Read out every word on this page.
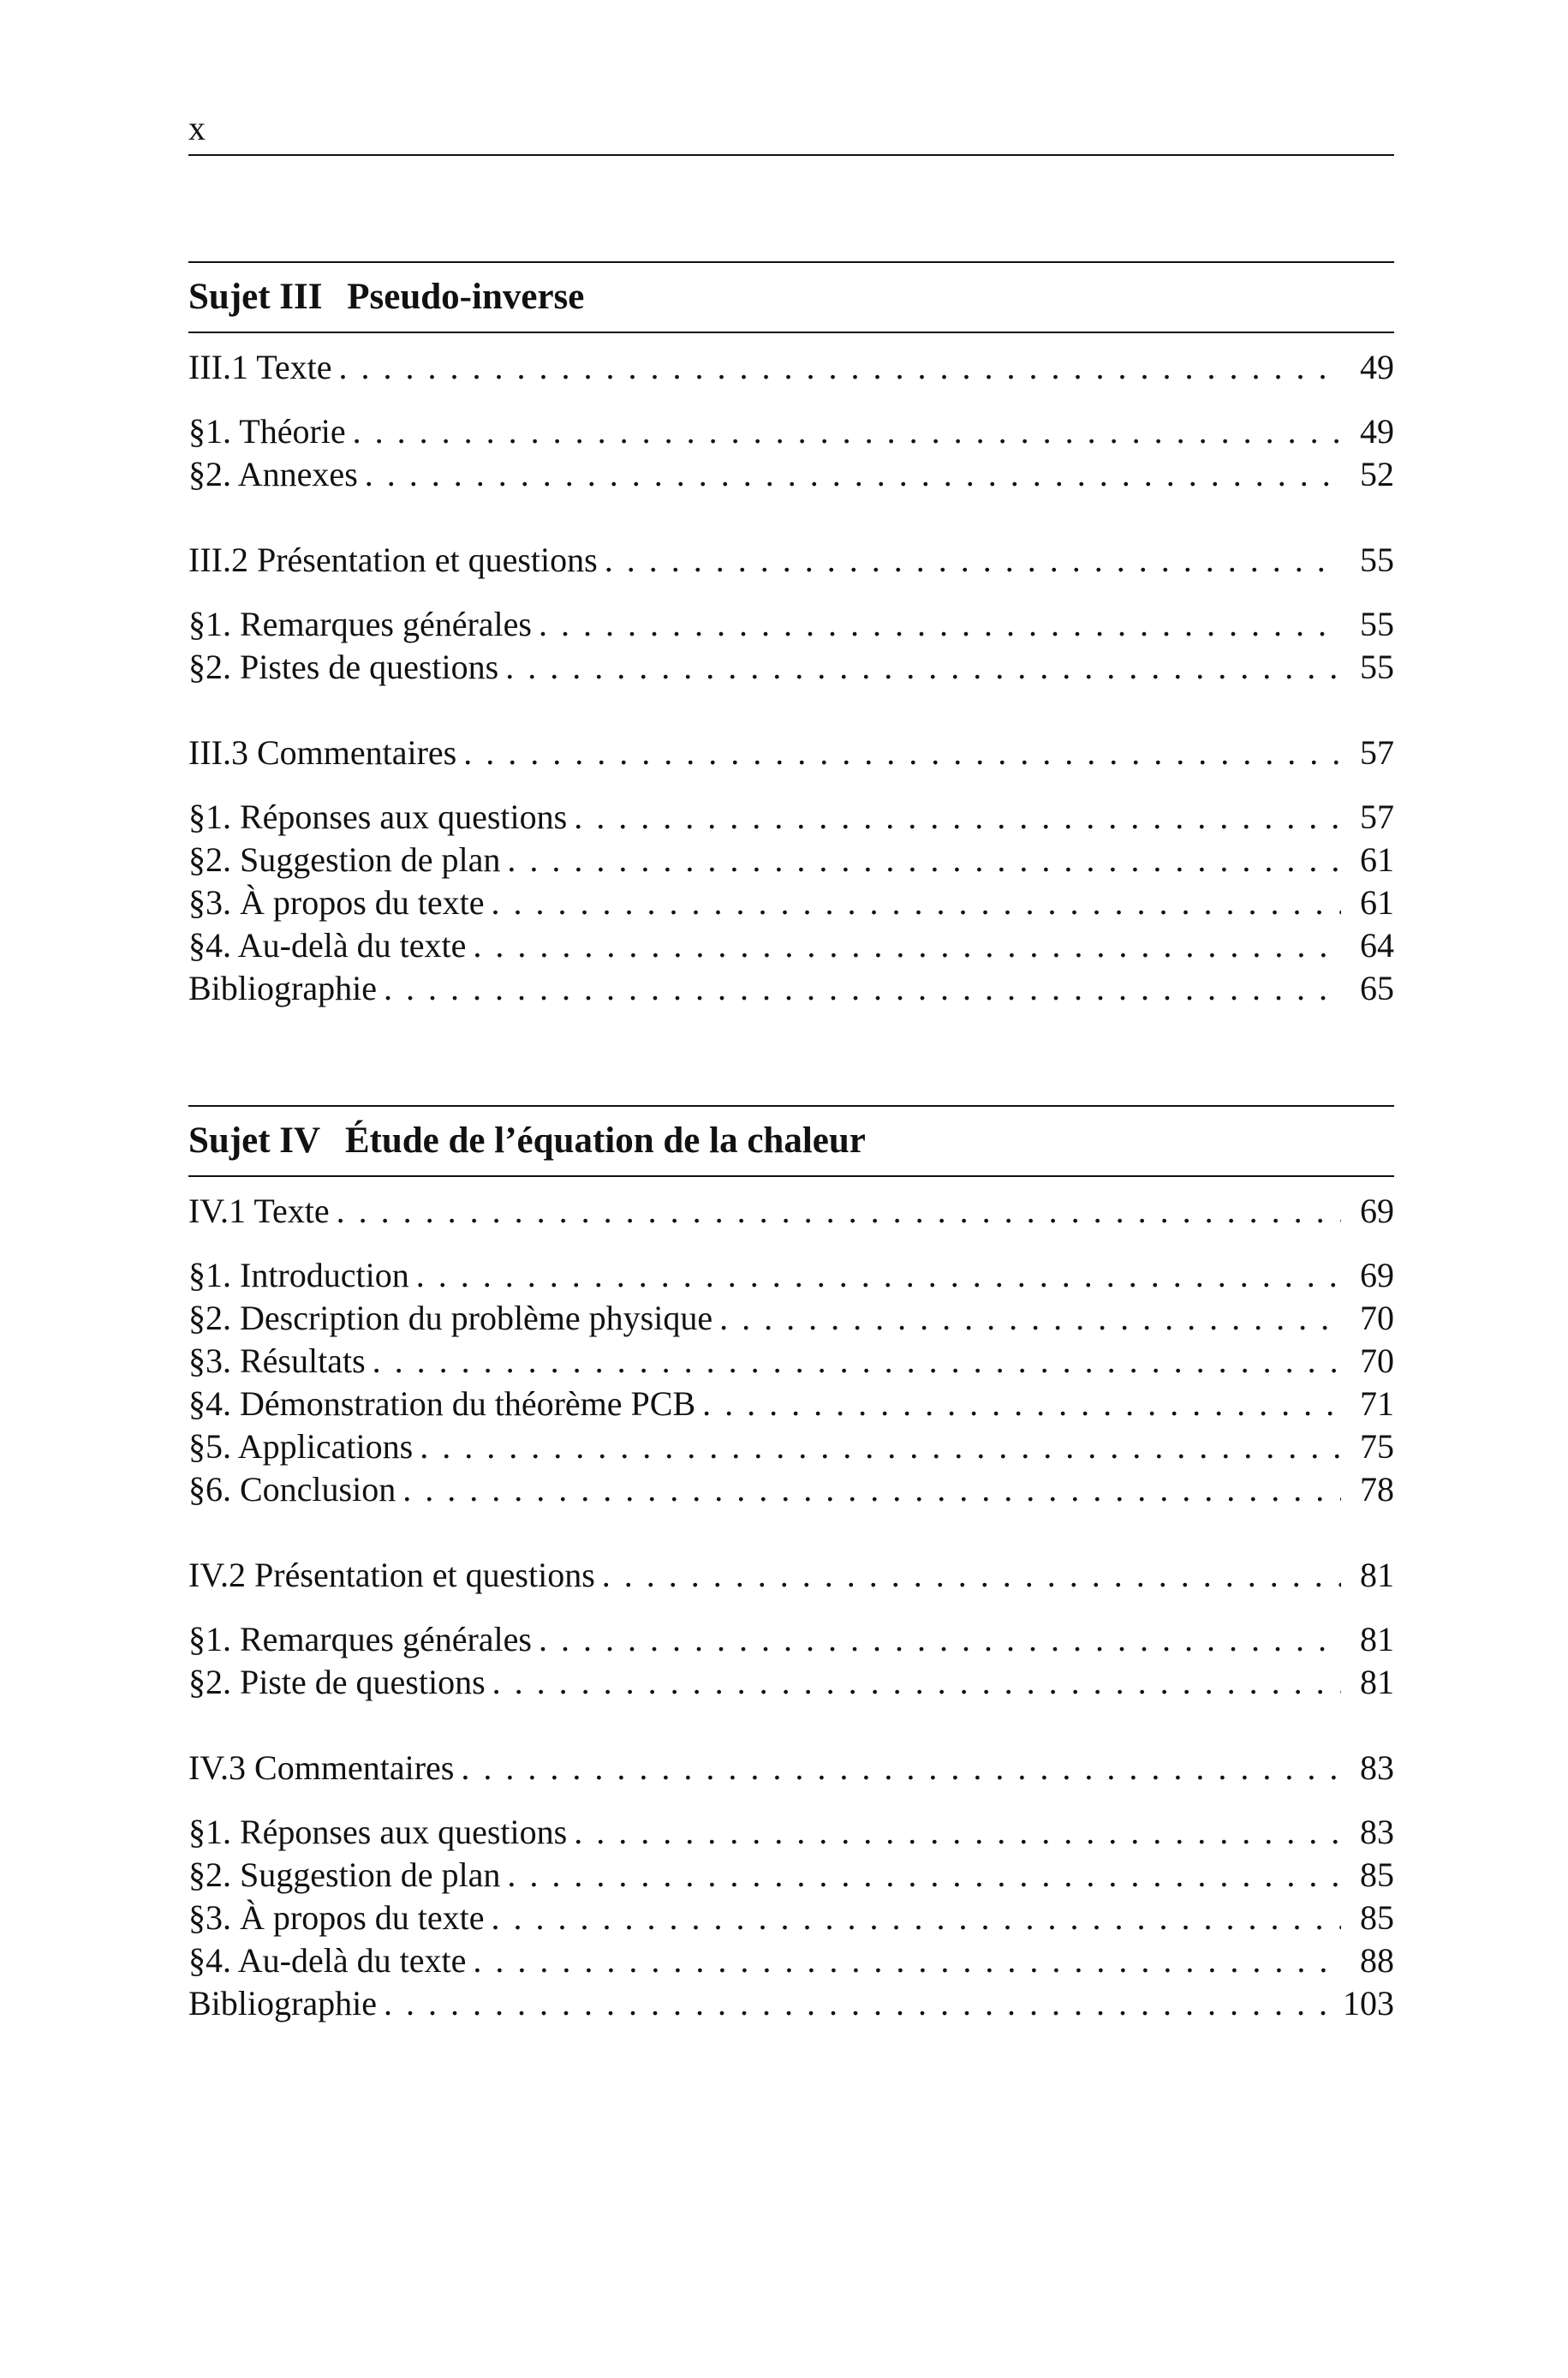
x
Sujet III Pseudo-inverse
III.1 Texte . . .	49
§1. Théorie . . .	49
§2. Annexes . . .	52
III.2 Présentation et questions . . .	55
§1. Remarques générales . . .	55
§2. Pistes de questions . . .	55
III.3 Commentaires . . .	57
§1. Réponses aux questions . . .	57
§2. Suggestion de plan . . .	61
§3. À propos du texte . . .	61
§4. Au-delà du texte . . .	64
Bibliographie . . .	65
Sujet IV Étude de l’équation de la chaleur
IV.1 Texte . . .	69
§1. Introduction . . .	69
§2. Description du problème physique . . .	70
§3. Résultats . . .	70
§4. Démonstration du théorème PCB . . .	71
§5. Applications . . .	75
§6. Conclusion . . .	78
IV.2 Présentation et questions . . .	81
§1. Remarques générales . . .	81
§2. Piste de questions . . .	81
IV.3 Commentaires . . .	83
§1. Réponses aux questions . . .	83
§2. Suggestion de plan . . .	85
§3. À propos du texte . . .	85
§4. Au-delà du texte . . .	88
Bibliographie . . .	103
